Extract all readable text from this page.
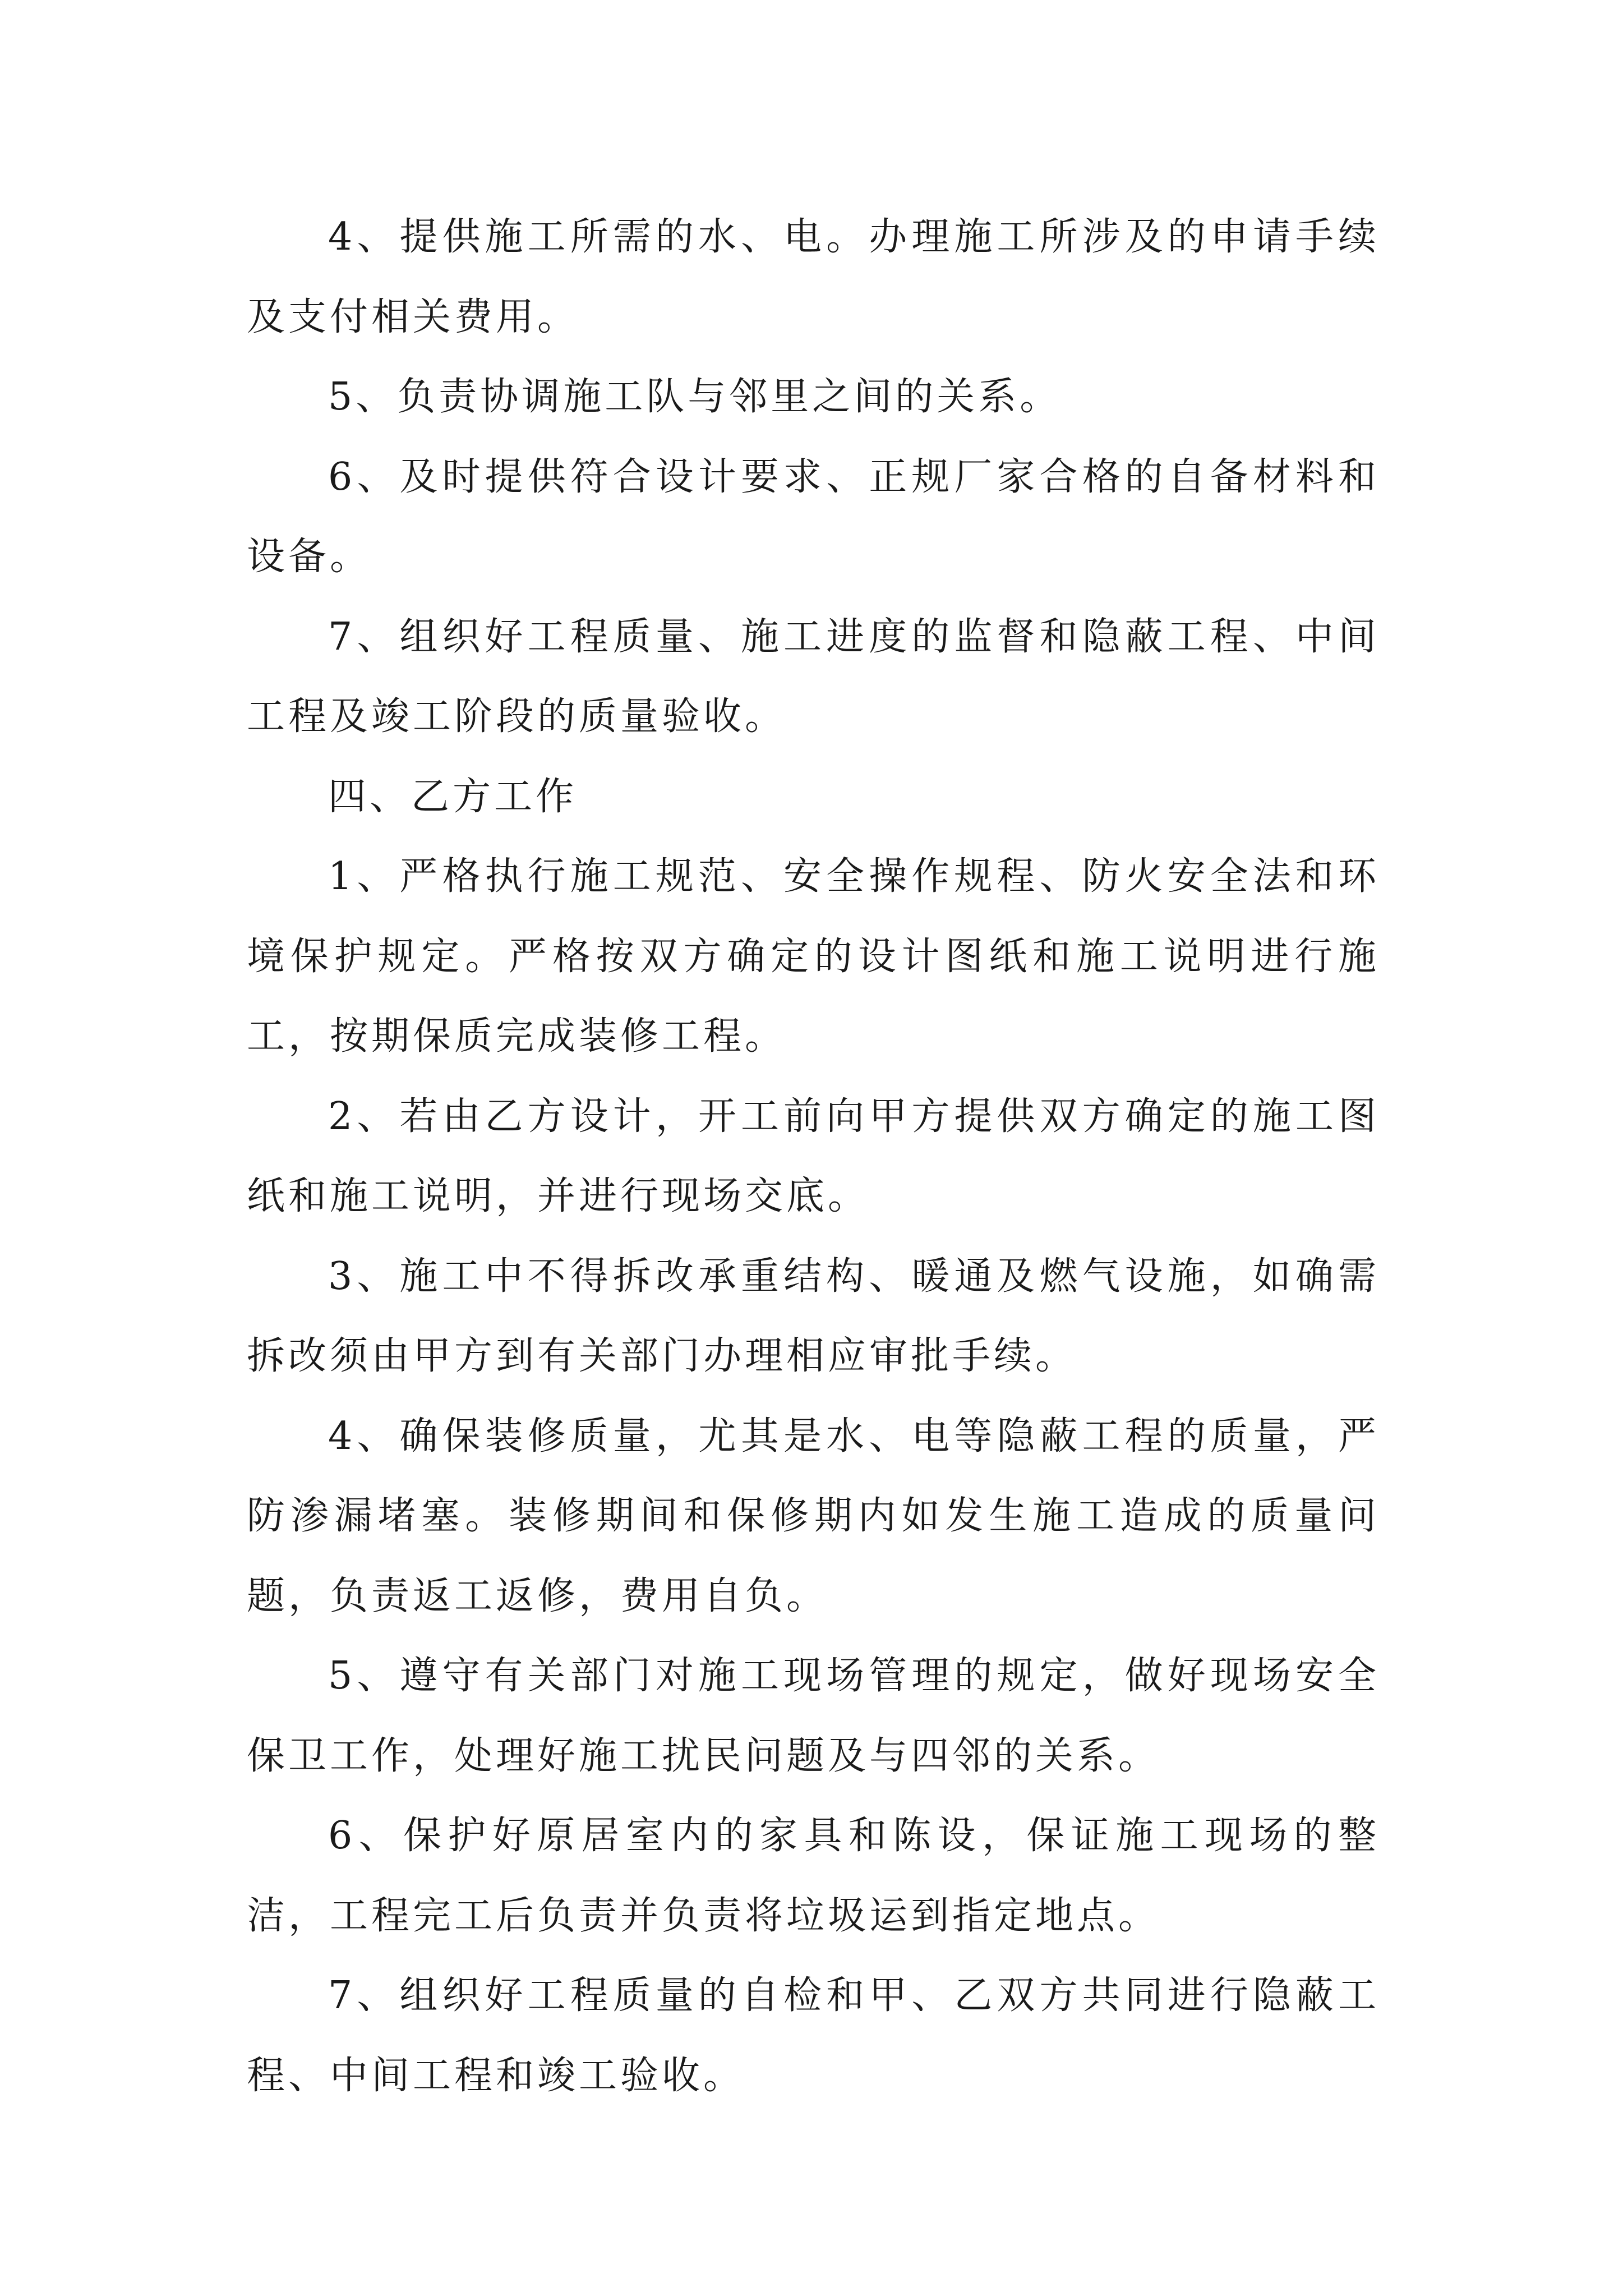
4、提供施工所需的水、电。办理施工所涉及的申请手续及支付相关费用。

5、负责协调施工队与邻里之间的关系。

6、及时提供符合设计要求、正规厂家合格的自备材料和设备。

7、组织好工程质量、施工进度的监督和隐蔽工程、中间工程及竣工阶段的质量验收。

四、乙方工作

1、严格执行施工规范、安全操作规程、防火安全法和环境保护规定。严格按双方确定的设计图纸和施工说明进行施工，按期保质完成装修工程。

2、若由乙方设计，开工前向甲方提供双方确定的施工图纸和施工说明，并进行现场交底。

3、施工中不得拆改承重结构、暖通及燃气设施，如确需拆改须由甲方到有关部门办理相应审批手续。

4、确保装修质量，尤其是水、电等隐蔽工程的质量，严防渗漏堵塞。装修期间和保修期内如发生施工造成的质量问题，负责返工返修，费用自负。

5、遵守有关部门对施工现场管理的规定，做好现场安全保卫工作，处理好施工扰民问题及与四邻的关系。

6、保护好原居室内的家具和陈设，保证施工现场的整洁，工程完工后负责并负责将垃圾运到指定地点。

7、组织好工程质量的自检和甲、乙双方共同进行隐蔽工程、中间工程和竣工验收。
